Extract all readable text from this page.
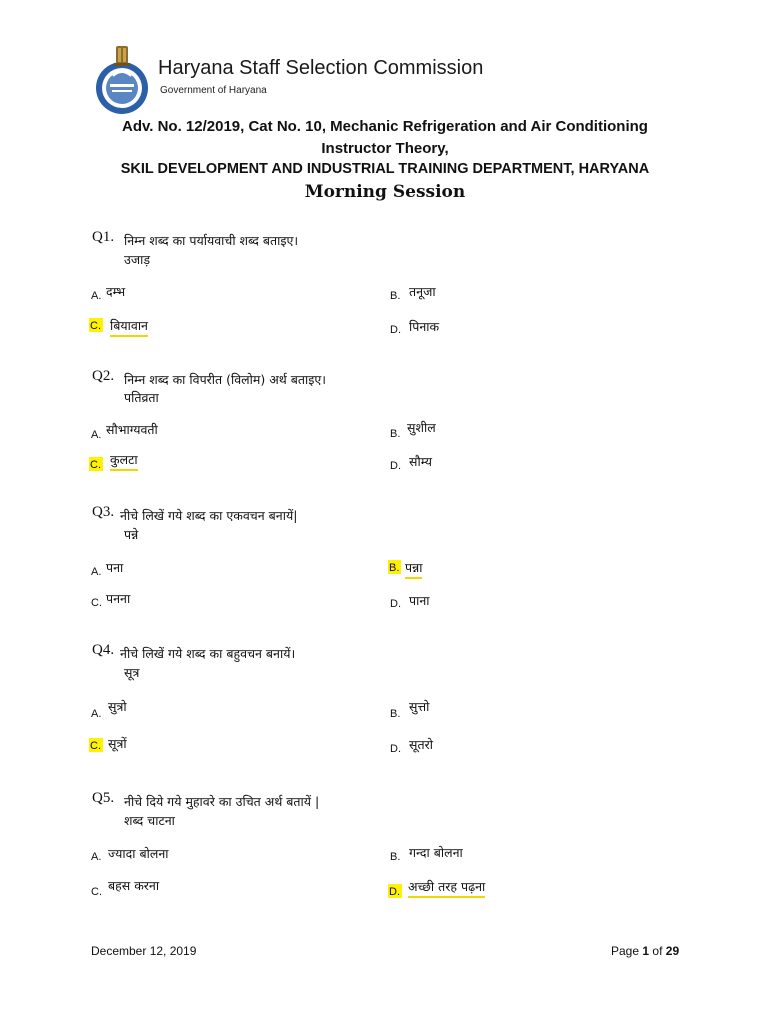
Haryana Staff Selection Commission
Government of Haryana
Adv. No. 12/2019, Cat No. 10, Mechanic Refrigeration and Air Conditioning
Instructor Theory,
SKIL DEVELOPMENT AND INDUSTRIAL TRAINING DEPARTMENT, HARYANA
Morning Session
Q1. निम्न शब्द का पर्यायवाची शब्द बताइए।
उजाड़
A. दम्भ	B. तनूजा
C. बियावान	D. पिनाक
Q2. निम्न शब्द का विपरीत (विलोम) अर्थ बताइए।
पतिव्रता
A. सौभाग्यवती	B. सुशील
C. कुलटा	D. सौम्य
Q3. नीचे लिखें गये शब्द का एकवचन बनायें|
पन्ने
A. पना	B. पन्ना
C. पनना	D. पाना
Q4. नीचे लिखें गये शब्द का बहुवचन बनायें।
सूत्र
A. सुत्रो	B. सुत्तो
C. सूत्रों	D. सूतरो
Q5. नीचे दिये गये मुहावरे का उचित अर्थ बतायें |
शब्द चाटना
A. ज्यादा बोलना	B. गन्दा बोलना
C. बहस करना	D. अच्छी तरह पढ़ना
December 12, 2019	Page 1 of 29
